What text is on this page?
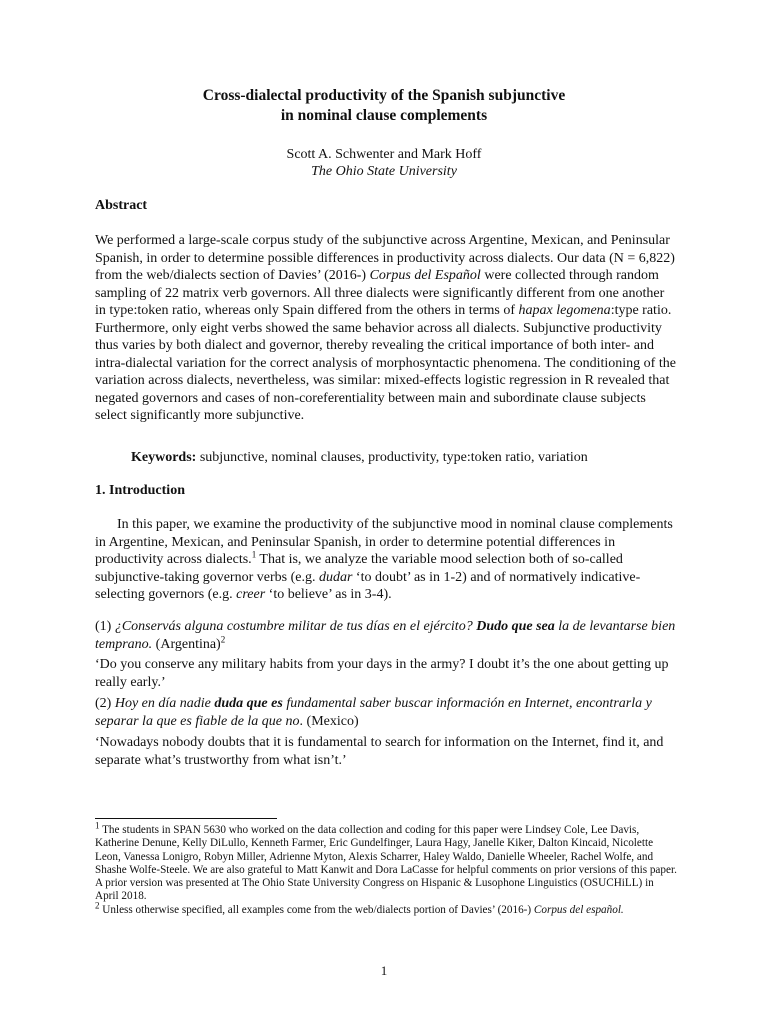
Cross-dialectal productivity of the Spanish subjunctive
in nominal clause complements
Scott A. Schwenter and Mark Hoff
The Ohio State University
Abstract

We performed a large-scale corpus study of the subjunctive across Argentine, Mexican, and Peninsular Spanish, in order to determine possible differences in productivity across dialects. Our data (N = 6,822) from the web/dialects section of Davies’ (2016-) Corpus del Español were collected through random sampling of 22 matrix verb governors. All three dialects were significantly different from one another in type:token ratio, whereas only Spain differed from the others in terms of hapax legomena:type ratio. Furthermore, only eight verbs showed the same behavior across all dialects. Subjunctive productivity thus varies by both dialect and governor, thereby revealing the critical importance of both inter- and intra-dialectal variation for the correct analysis of morphosyntactic phenomena. The conditioning of the variation across dialects, nevertheless, was similar: mixed-effects logistic regression in R revealed that negated governors and cases of non-coreferentiality between main and subordinate clause subjects select significantly more subjunctive.

Keywords: subjunctive, nominal clauses, productivity, type:token ratio, variation

1. Introduction

In this paper, we examine the productivity of the subjunctive mood in nominal clause complements in Argentine, Mexican, and Peninsular Spanish, in order to determine potential differences in productivity across dialects.$^1$ That is, we analyze the variable mood selection both of so-called subjunctive-taking governor verbs (e.g. dudar ‘to doubt’ as in 1-2) and of normatively indicative-selecting governors (e.g. creer ‘to believe’ as in 3-4).

(1) ¿Conservás alguna costumbre militar de tus días en el ejército? Dudo que sea la de levantarse bien temprano. (Argentina)$^2$

‘Do you conserve any military habits from your days in the army? I doubt it’s the one about getting up really early.’

(2) Hoy en día nadie duda que es fundamental saber buscar información en Internet, encontrarla y separar la que es fiable de la que no. (Mexico)

‘Nowadays nobody doubts that it is fundamental to search for information on the Internet, find it, and separate what’s trustworthy from what isn’t.’

$^1$ The students in SPAN 5630 who worked on the data collection and coding for this paper were Lindsey Cole, Lee Davis, Katherine Denune, Kelly DiLullo, Kenneth Farmer, Eric Gundelfinger, Laura Hagy, Janelle Kiker, Dalton Kincaid, Nicolette Leon, Vanessa Lonigro, Robyn Miller, Adrienne Myton, Alexis Scharrer, Haley Waldo, Danielle Wheeler, Rachel Wolfe, and Shashe Wolfe-Steele. We are also grateful to Matt Kanwit and Dora LaCasse for helpful comments on prior versions of this paper. A prior version was presented at The Ohio State University Congress on Hispanic & Lusophone Linguistics (OSUCHiLL) in April 2018.

$^2$ Unless otherwise specified, all examples come from the web/dialects portion of Davies’ (2016-) Corpus del español.

1
